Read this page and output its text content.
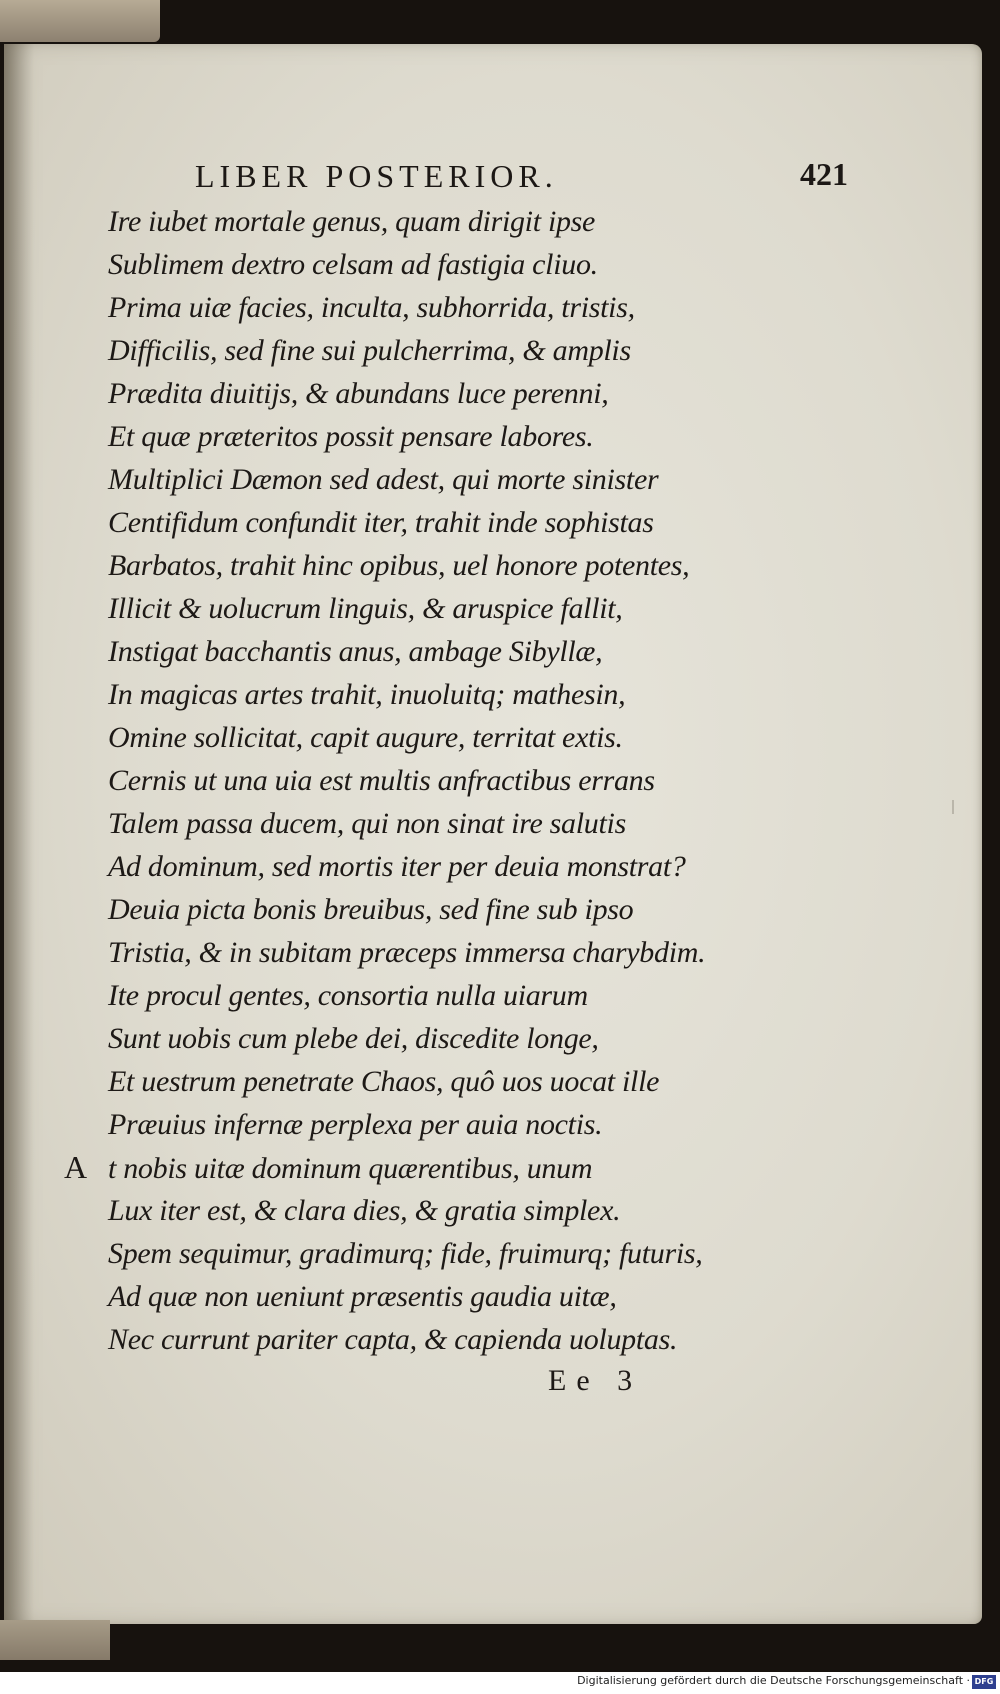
LIBER POSTERIOR.	421
Ire iubet mortale genus, quam dirigit ipse
Sublimem dextro celsam ad fastigia cliuo.
Prima uiæ facies, inculta, subhorrida, tristis,
Difficilis, sed fine sui pulcherrima, & amplis
Prædita diuitijs, & abundans luce perenni,
Et quæ præteritos possit pensare labores.
Multiplici Dæmon sed adest, qui morte sinister
Centifidum confundit iter, trahit inde sophistas
Barbatos, trahit hinc opibus, uel honore potentes,
Illicit & uolucrum linguis, & aruspice fallit,
Instigat bacchantis anus, ambage Sibyllæ,
In magicas artes trahit, inuoluitq; mathesin,
Omine sollicitat, capit augure, territat extis.
Cernis ut una uia est multis anfractibus errans
Talem passa ducem, qui non sinat ire salutis
Ad dominum, sed mortis iter per deuia monstrat?
Deuia picta bonis breuibus, sed fine sub ipso
Tristia, & in subitam præceps immersa charybdim.
Ite procul gentes, consortia nulla uiarum
Sunt uobis cum plebe dei, discedite longe,
Et uestrum penetrate Chaos, quô uos uocat ille
Præuius infernæ perplexa per auia noctis.
A t nobis uitæ dominum quærentibus, unum
Lux iter est, & clara dies, & gratia simplex.
Spem sequimur, gradimurq; fide, fruimurq; futuris,
Ad quæ non ueniunt præsentis gaudia uitæ,
Nec currunt pariter capta, & capienda uoluptas.
Ee 3
Digitalisierung gefördert durch die Deutsche Forschungsgemeinschaft · DFG
